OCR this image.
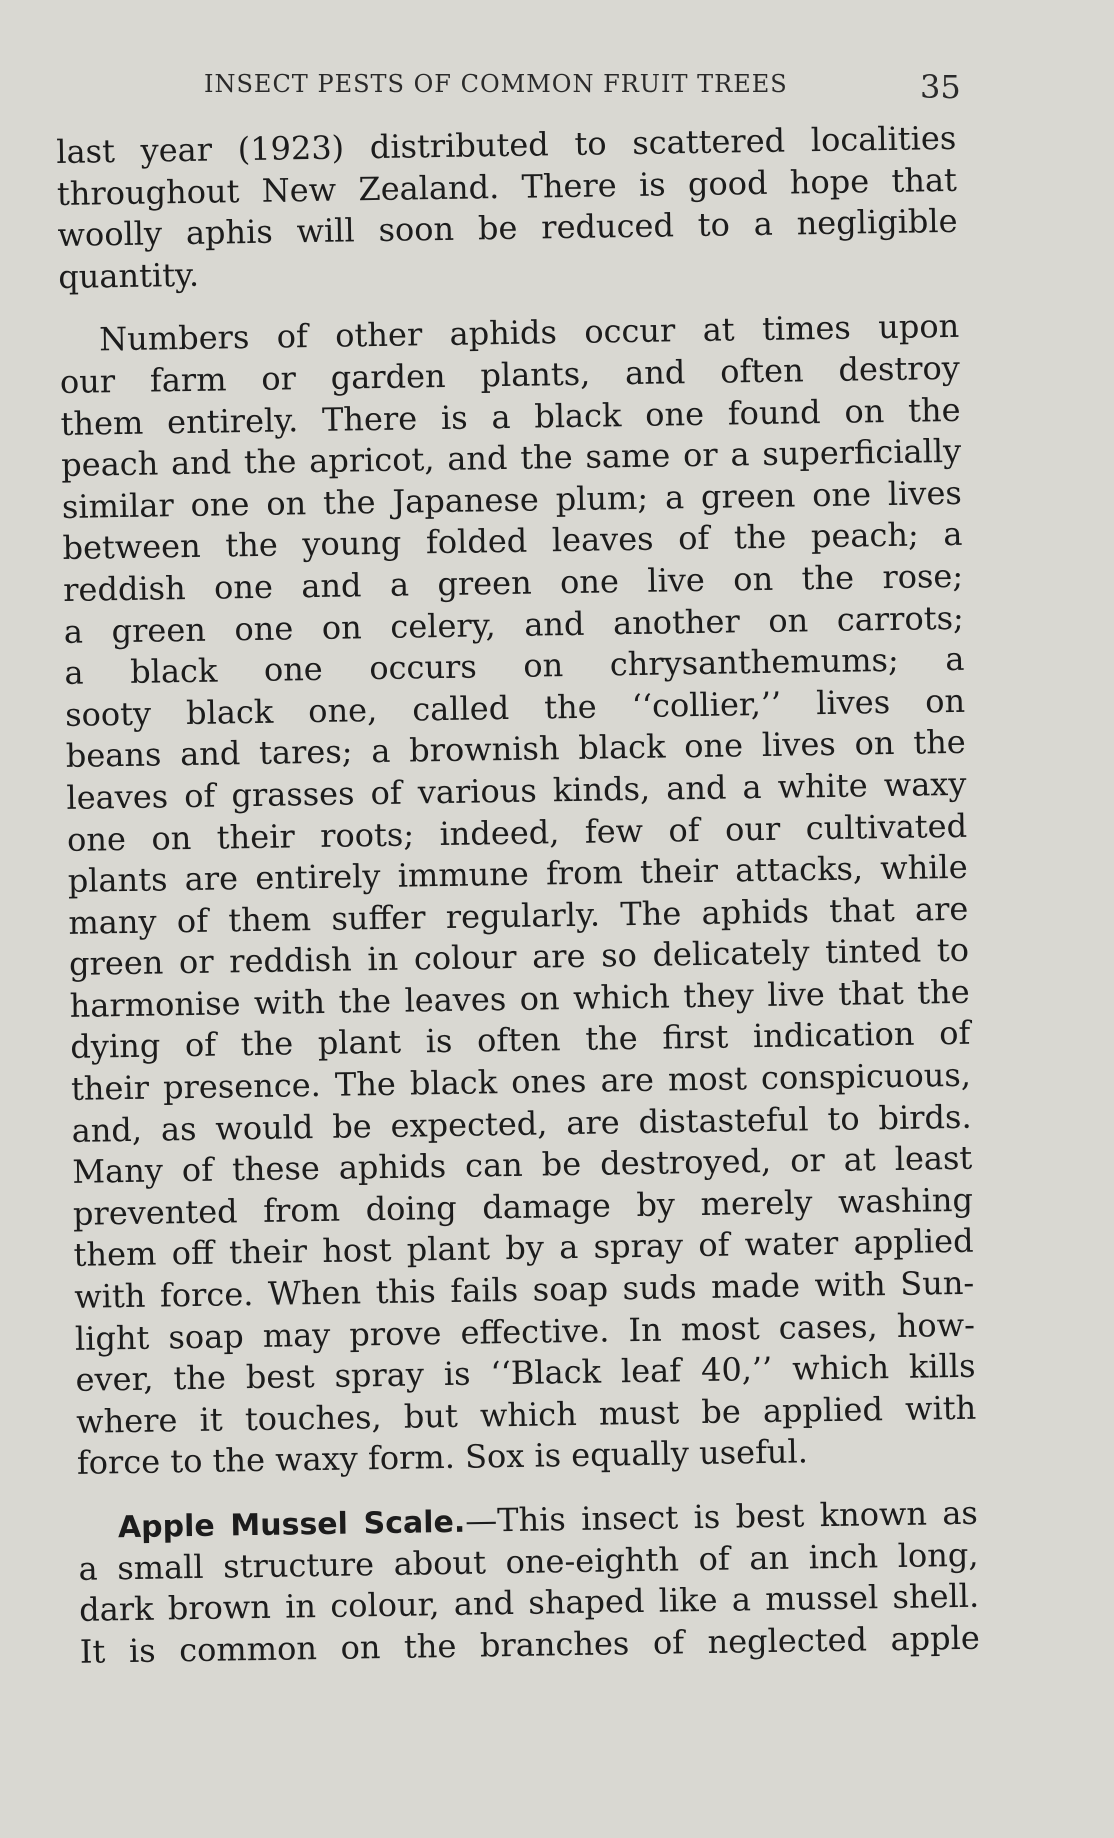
INSECT PESTS OF COMMON FRUIT TREES	35
last year (1923) distributed to scattered localities
throughout New Zealand. There is good hope that
woolly aphis will soon be reduced to a negligible
quantity.
Numbers of other aphids occur at times upon
our farm or garden plants, and often destroy
them entirely. There is a black one found on the
peach and the apricot, and the same or a superficially
similar one on the Japanese plum; a green one lives
between the young folded leaves of the peach; a
reddish one and a green one live on the rose;
a green one on celery, and another on carrots;
a black one occurs on chrysanthemums; a
sooty black one, called the ‘‘collier,’’ lives on
beans and tares; a brownish black one lives on the
leaves of grasses of various kinds, and a white waxy
one on their roots; indeed, few of our cultivated
plants are entirely immune from their attacks, while
many of them suffer regularly. The aphids that are
green or reddish in colour are so delicately tinted to
harmonise with the leaves on which they live that the
dying of the plant is often the first indication of
their presence. The black ones are most conspicuous,
and, as would be expected, are distasteful to birds.
Many of these aphids can be destroyed, or at least
prevented from doing damage by merely washing
them off their host plant by a spray of water applied
with force. When this fails soap suds made with Sun-
light soap may prove effective. In most cases, how-
ever, the best spray is ‘‘Black leaf 40,’’ which kills
where it touches, but which must be applied with
force to the waxy form. Sox is equally useful.
Apple Mussel Scale.—This insect is best known as
a small structure about one-eighth of an inch long,
dark brown in colour, and shaped like a mussel shell.
It is common on the branches of neglected apple
